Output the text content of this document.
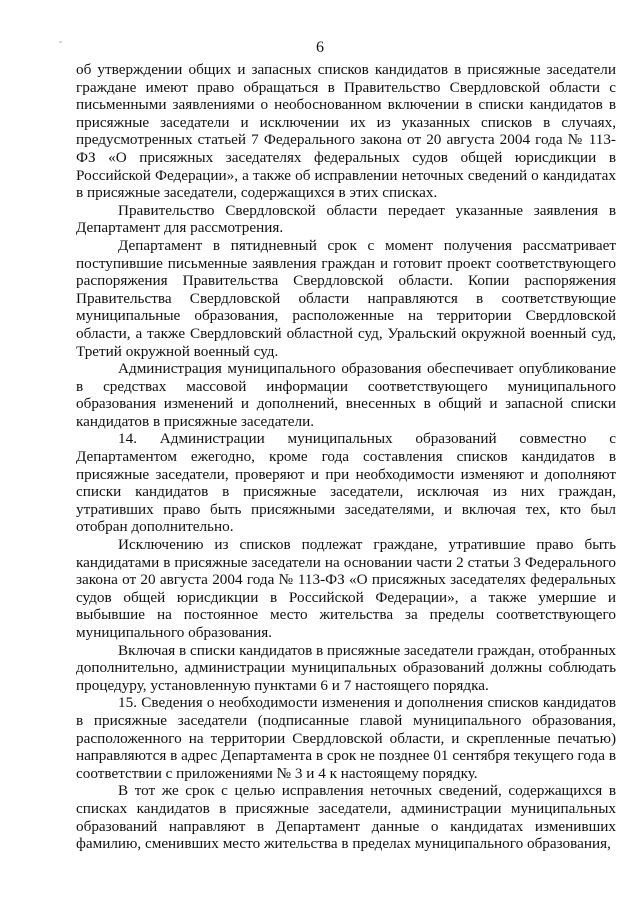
6

об утверждении общих и запасных списков кандидатов в присяжные заседатели граждане имеют право обращаться в Правительство Свердловской области с письменными заявлениями о необоснованном включении в списки кандидатов в присяжные заседатели и исключении их из указанных списков в случаях, предусмотренных статьей 7 Федерального закона от 20 августа 2004 года № 113-ФЗ «О присяжных заседателях федеральных судов общей юрисдикции в Российской Федерации», а также об исправлении неточных сведений о кандидатах в присяжные заседатели, содержащихся в этих списках.

Правительство Свердловской области передает указанные заявления в Департамент для рассмотрения.

Департамент в пятидневный срок с момент получения рассматривает поступившие письменные заявления граждан и готовит проект соответствующего распоряжения Правительства Свердловской области. Копии распоряжения Правительства Свердловской области направляются в соответствующие муниципальные образования, расположенные на территории Свердловской области, а также Свердловский областной суд, Уральский окружной военный суд, Третий окружной военный суд.

Администрация муниципального образования обеспечивает опубликование в средствах массовой информации соответствующего муниципального образования изменений и дополнений, внесенных в общий и запасной списки кандидатов в присяжные заседатели.

14. Администрации муниципальных образований совместно с Департаментом ежегодно, кроме года составления списков кандидатов в присяжные заседатели, проверяют и при необходимости изменяют и дополняют списки кандидатов в присяжные заседатели, исключая из них граждан, утративших право быть присяжными заседателями, и включая тех, кто был отобран дополнительно.

Исключению из списков подлежат граждане, утратившие право быть кандидатами в присяжные заседатели на основании части 2 статьи 3 Федерального закона от 20 августа 2004 года № 113-ФЗ «О присяжных заседателях федеральных судов общей юрисдикции в Российской Федерации», а также умершие и выбывшие на постоянное место жительства за пределы соответствующего муниципального образования.

Включая в списки кандидатов в присяжные заседатели граждан, отобранных дополнительно, администрации муниципальных образований должны соблюдать процедуру, установленную пунктами 6 и 7 настоящего порядка.

15. Сведения о необходимости изменения и дополнения списков кандидатов в присяжные заседатели (подписанные главой муниципального образования, расположенного на территории Свердловской области, и скрепленные печатью) направляются в адрес Департамента в срок не позднее 01 сентября текущего года в соответствии с приложениями № 3 и 4 к настоящему порядку.

В тот же срок с целью исправления неточных сведений, содержащихся в списках кандидатов в присяжные заседатели, администрации муниципальных образований направляют в Департамент данные о кандидатах изменивших фамилию, сменивших место жительства в пределах муниципального образования,
